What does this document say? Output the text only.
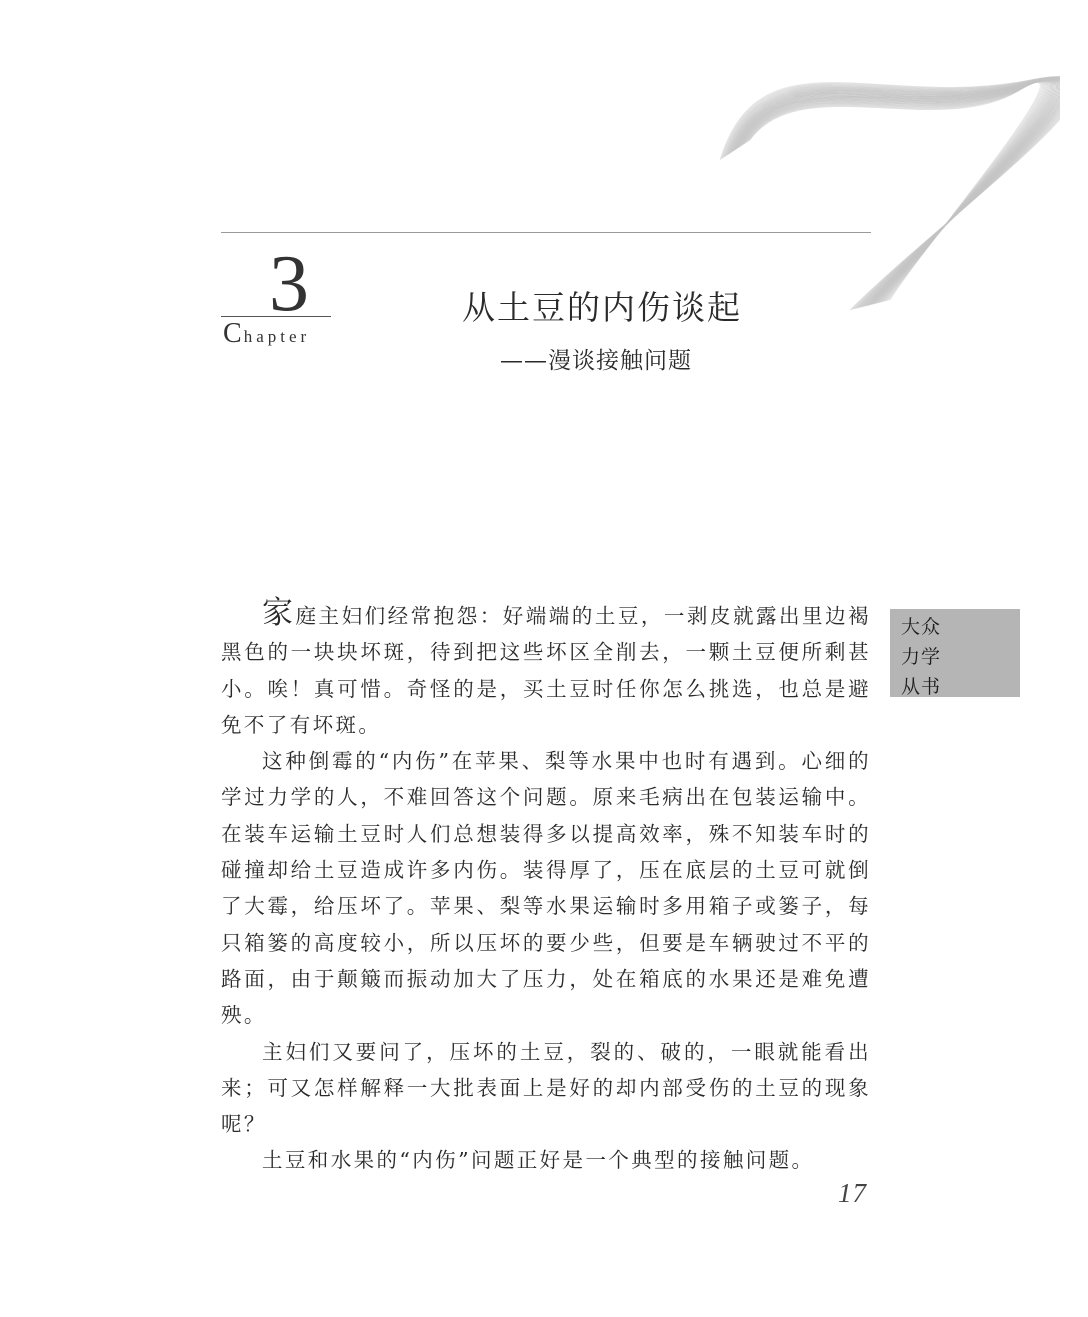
3
Chapter
从土豆的内伤谈起
——漫谈接触问题
大众
力学
从书

家庭主妇们经常抱怨：好端端的土豆，一剥皮就露出里边褐黑色的一块块坏斑，待到把这些坏区全削去，一颗土豆便所剩甚小。唉！真可惜。奇怪的是，买土豆时任你怎么挑选，也总是避免不了有坏斑。

这种倒霉的“内伤”在苹果、梨等水果中也时有遇到。心细的学过力学的人，不难回答这个问题。原来毛病出在包装运输中。在装车运输土豆时人们总想装得多以提高效率，殊不知装车时的碰撞却给土豆造成许多内伤。装得厚了，压在底层的土豆可就倒了大霉，给压坏了。苹果、梨等水果运输时多用箱子或篓子，每只箱篓的高度较小，所以压坏的要少些，但要是车辆驶过不平的路面，由于颠簸而振动加大了压力，处在箱底的水果还是难免遭殃。

主妇们又要问了，压坏的土豆，裂的、破的，一眼就能看出来；可又怎样解释一大批表面上是好的却内部受伤的土豆的现象呢？

土豆和水果的“内伤”问题正好是一个典型的接触问题。

17
